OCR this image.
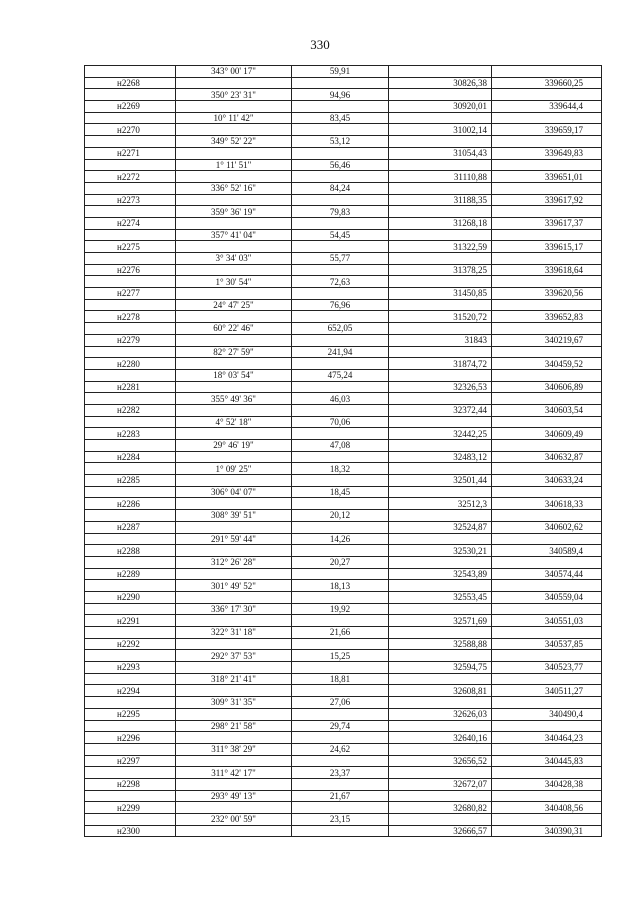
330
	343° 00' 17"	59,91		
н2268			30826,38	339660,25
	350° 23' 31"	94,96		
н2269			30920,01	339644,4
	10° 11' 42"	83,45		
н2270			31002,14	339659,17
	349° 52' 22"	53,12		
н2271			31054,43	339649,83
	1° 11' 51"	56,46		
н2272			31110,88	339651,01
	336° 52' 16"	84,24		
н2273			31188,35	339617,92
	359° 36' 19"	79,83		
н2274			31268,18	339617,37
	357° 41' 04"	54,45		
н2275			31322,59	339615,17
	3° 34' 03"	55,77		
н2276			31378,25	339618,64
	1° 30' 54"	72,63		
н2277			31450,85	339620,56
	24° 47' 25"	76,96		
н2278			31520,72	339652,83
	60° 22' 46"	652,05		
н2279			31843	340219,67
	82° 27' 59"	241,94		
н2280			31874,72	340459,52
	18° 03' 54"	475,24		
н2281			32326,53	340606,89
	355° 49' 36"	46,03		
н2282			32372,44	340603,54
	4° 52' 18"	70,06		
н2283			32442,25	340609,49
	29° 46' 19"	47,08		
н2284			32483,12	340632,87
	1° 09' 25"	18,32		
н2285			32501,44	340633,24
	306° 04' 07"	18,45		
н2286			32512,3	340618,33
	308° 39' 51"	20,12		
н2287			32524,87	340602,62
	291° 59' 44"	14,26		
н2288			32530,21	340589,4
	312° 26' 28"	20,27		
н2289			32543,89	340574,44
	301° 49' 52"	18,13		
н2290			32553,45	340559,04
	336° 17' 30"	19,92		
н2291			32571,69	340551,03
	322° 31' 18"	21,66		
н2292			32588,88	340537,85
	292° 37' 53"	15,25		
н2293			32594,75	340523,77
	318° 21' 41"	18,81		
н2294			32608,81	340511,27
	309° 31' 35"	27,06		
н2295			32626,03	340490,4
	298° 21' 58"	29,74		
н2296			32640,16	340464,23
	311° 38' 29"	24,62		
н2297			32656,52	340445,83
	311° 42' 17"	23,37		
н2298			32672,07	340428,38
	293° 49' 13"	21,67		
н2299			32680,82	340408,56
	232° 00' 59"	23,15		
н2300			32666,57	340390,31
